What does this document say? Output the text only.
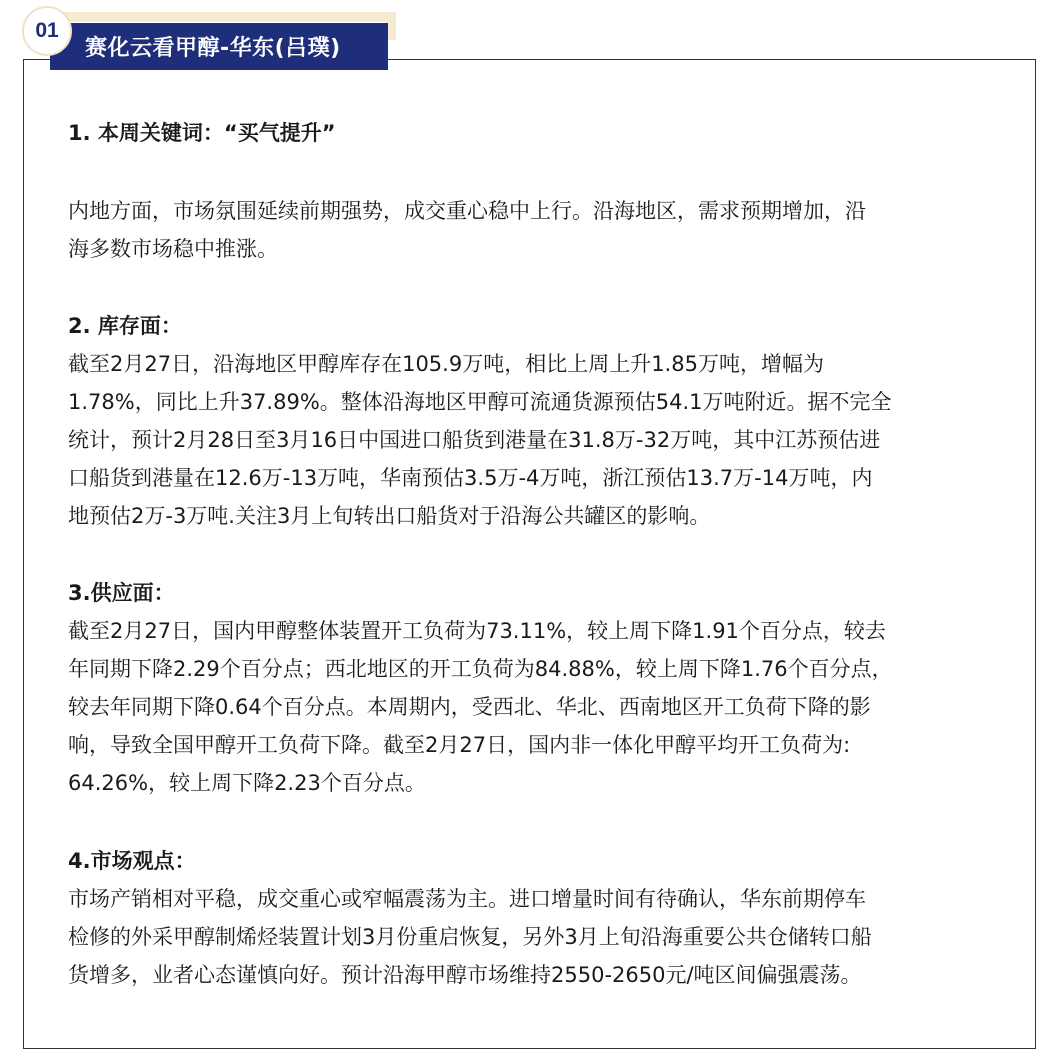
01
赛化云看甲醇-华东(吕璞)
1. 本周关键词：“买气提升”
内地方面，市场氛围延续前期强势，成交重心稳中上行。沿海地区，需求预期增加，沿
海多数市场稳中推涨。
2. 库存面：
截至2月27日，沿海地区甲醇库存在105.9万吨，相比上周上升1.85万吨，增幅为
1.78%，同比上升37.89%。整体沿海地区甲醇可流通货源预估54.1万吨附近。据不完全
统计，预计2月28日至3月16日中国进口船货到港量在31.8万-32万吨，其中江苏预估进
口船货到港量在12.6万-13万吨，华南预估3.5万-4万吨，浙江预估13.7万-14万吨，内
地预估2万-3万吨.关注3月上旬转出口船货对于沿海公共罐区的影响。
3.供应面：
截至2月27日，国内甲醇整体装置开工负荷为73.11%，较上周下降1.91个百分点，较去
年同期下降2.29个百分点；西北地区的开工负荷为84.88%，较上周下降1.76个百分点，
较去年同期下降0.64个百分点。本周期内，受西北、华北、西南地区开工负荷下降的影
响，导致全国甲醇开工负荷下降。截至2月27日，国内非一体化甲醇平均开工负荷为:
64.26%，较上周下降2.23个百分点。
4.市场观点：
市场产销相对平稳，成交重心或窄幅震荡为主。进口增量时间有待确认，华东前期停车
检修的外采甲醇制烯烃装置计划3月份重启恢复，另外3月上旬沿海重要公共仓储转口船
货增多，业者心态谨慎向好。预计沿海甲醇市场维持2550-2650元/吨区间偏强震荡。
